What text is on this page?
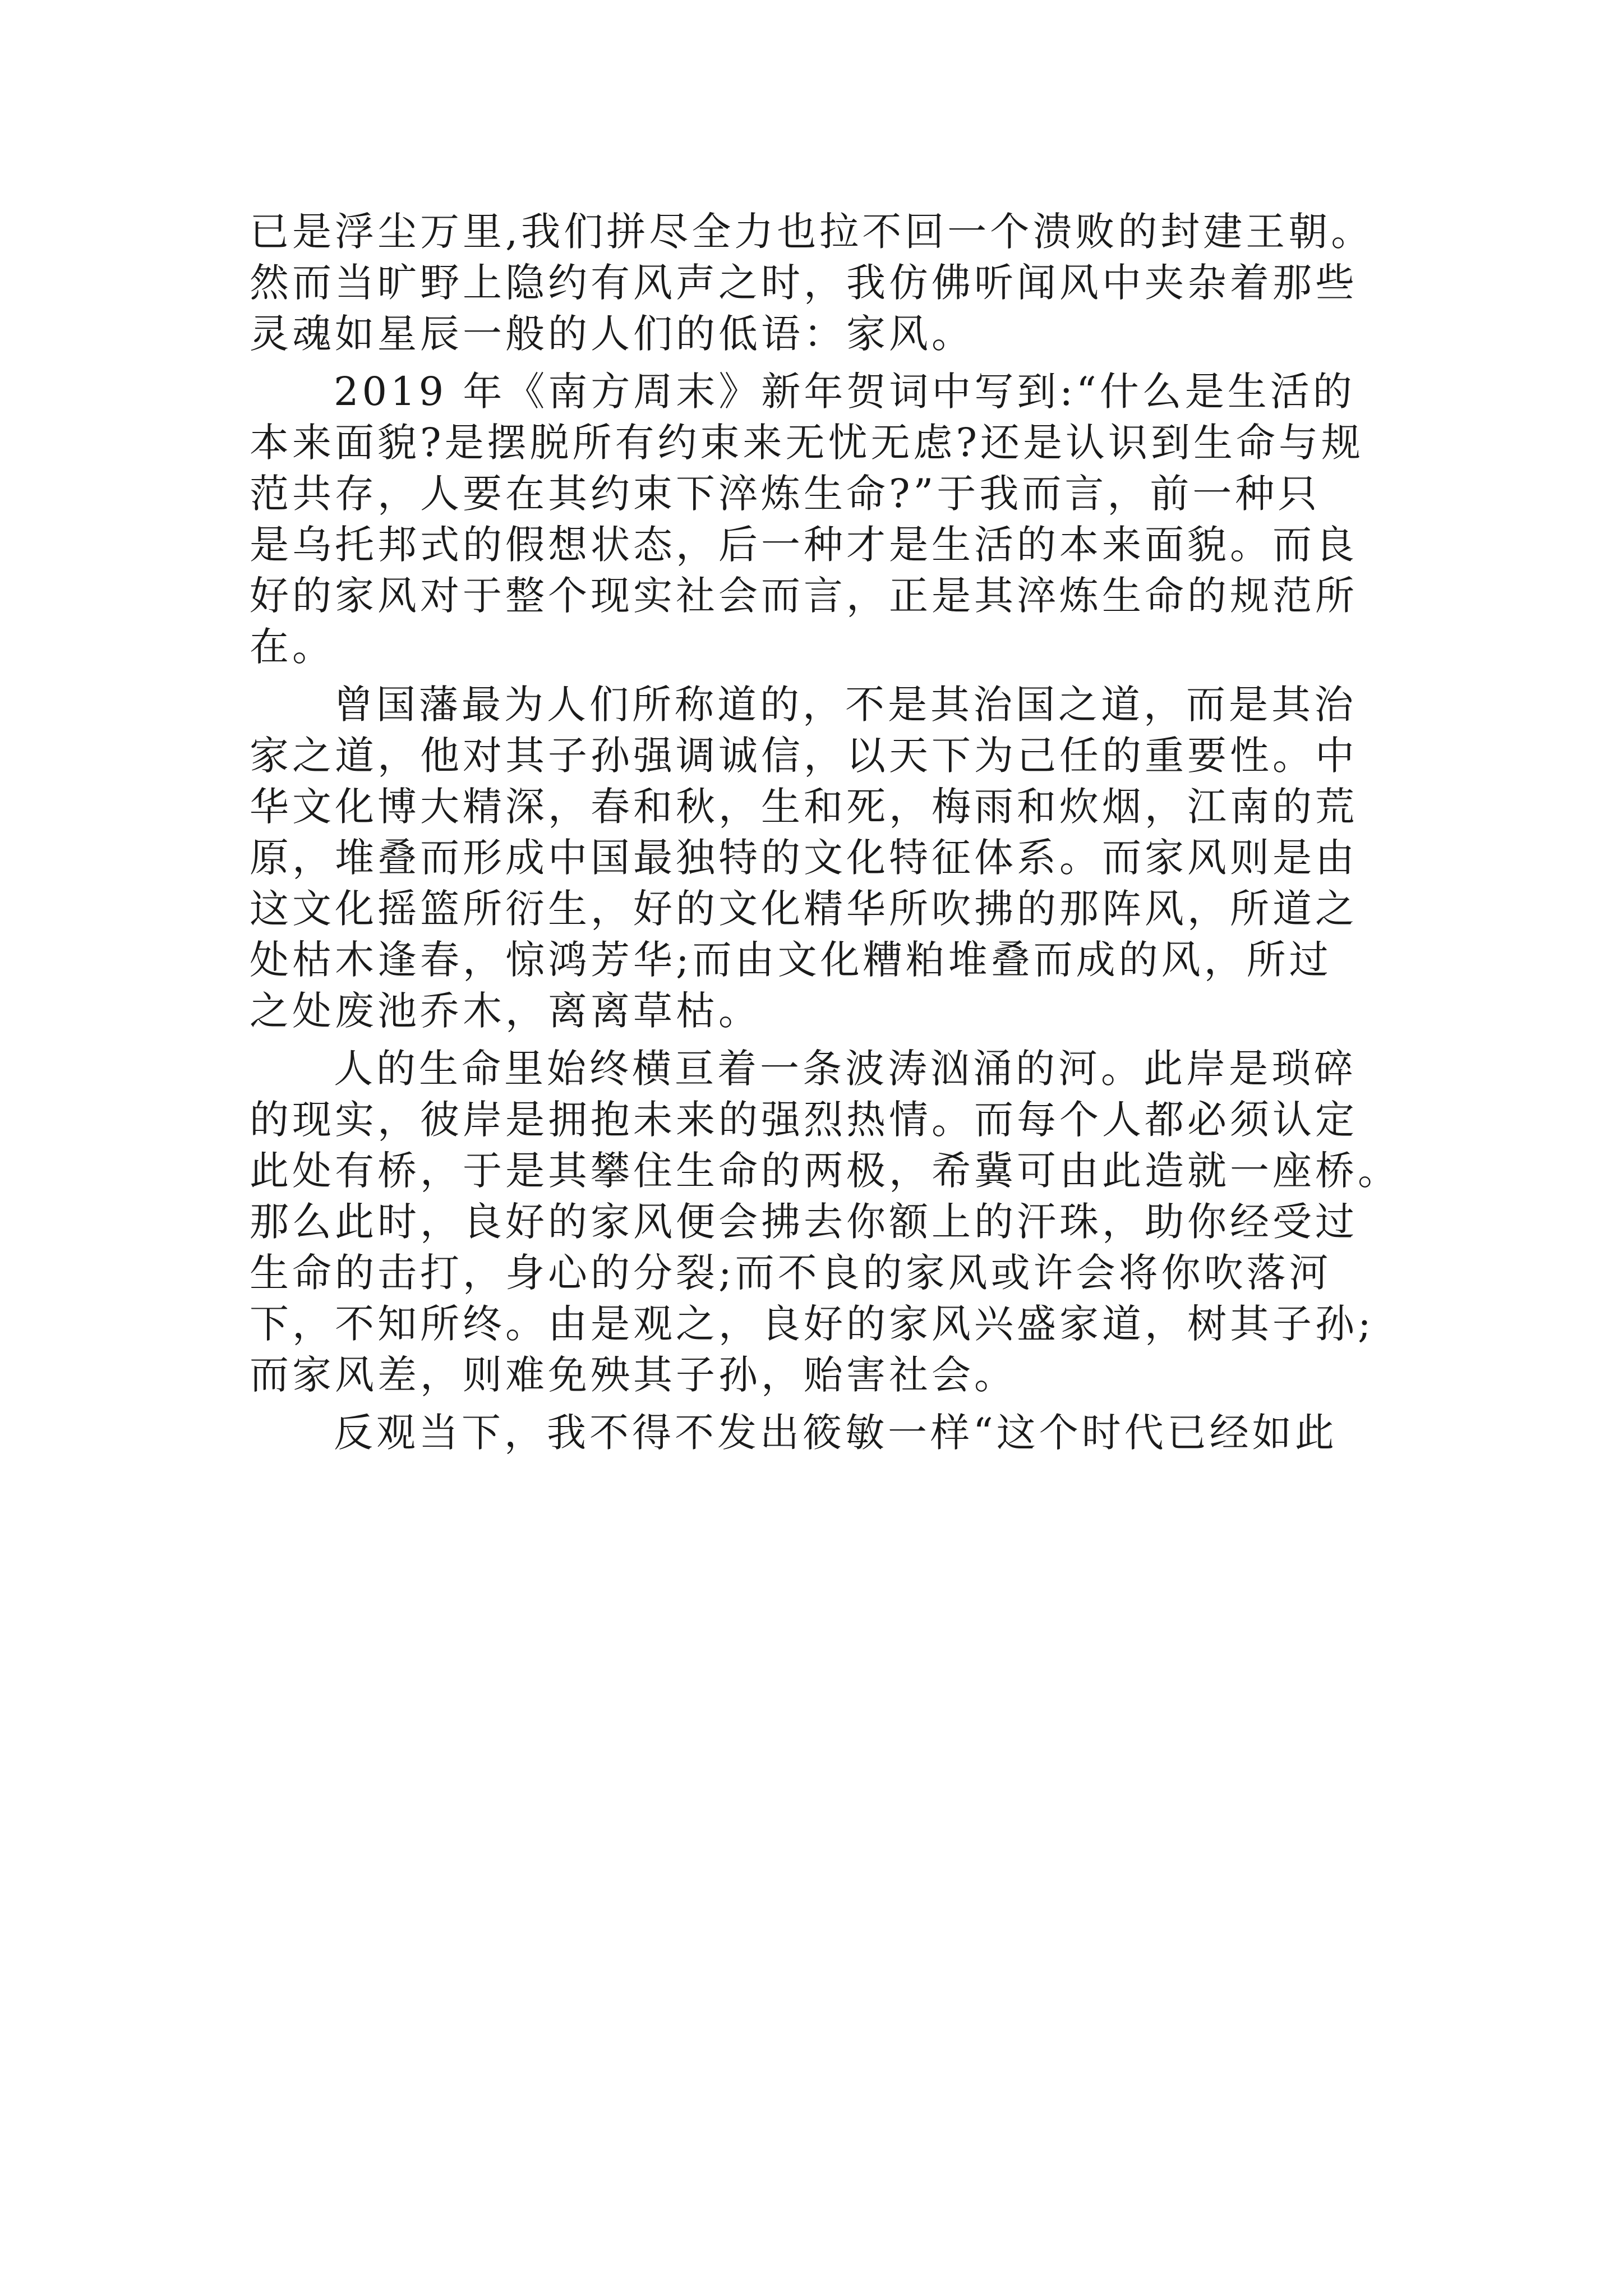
已是浮尘万里,我们拼尽全力也拉不回一个溃败的封建王朝。
然而当旷野上隐约有风声之时，我仿佛听闻风中夹杂着那些
灵魂如星辰一般的人们的低语：家风。
2019 年《南方周末》新年贺词中写到:“什么是生活的
本来面貌?是摆脱所有约束来无忧无虑?还是认识到生命与规
范共存，人要在其约束下淬炼生命?”于我而言，前一种只
是乌托邦式的假想状态，后一种才是生活的本来面貌。而良
好的家风对于整个现实社会而言，正是其淬炼生命的规范所
在。
曾国藩最为人们所称道的，不是其治国之道，而是其治
家之道，他对其子孙强调诚信，以天下为己任的重要性。中
华文化博大精深，春和秋，生和死，梅雨和炊烟，江南的荒
原，堆叠而形成中国最独特的文化特征体系。而家风则是由
这文化摇篮所衍生，好的文化精华所吹拂的那阵风，所道之
处枯木逢春，惊鸿芳华;而由文化糟粕堆叠而成的风，所过
之处废池乔木，离离草枯。
人的生命里始终横亘着一条波涛汹涌的河。此岸是琐碎
的现实，彼岸是拥抱未来的强烈热情。而每个人都必须认定
此处有桥，于是其攀住生命的两极，希冀可由此造就一座桥。
那么此时，良好的家风便会拂去你额上的汗珠，助你经受过
生命的击打，身心的分裂;而不良的家风或许会将你吹落河
下，不知所终。由是观之，良好的家风兴盛家道，树其子孙;
而家风差，则难免殃其子孙，贻害社会。
反观当下，我不得不发出筱敏一样“这个时代已经如此
